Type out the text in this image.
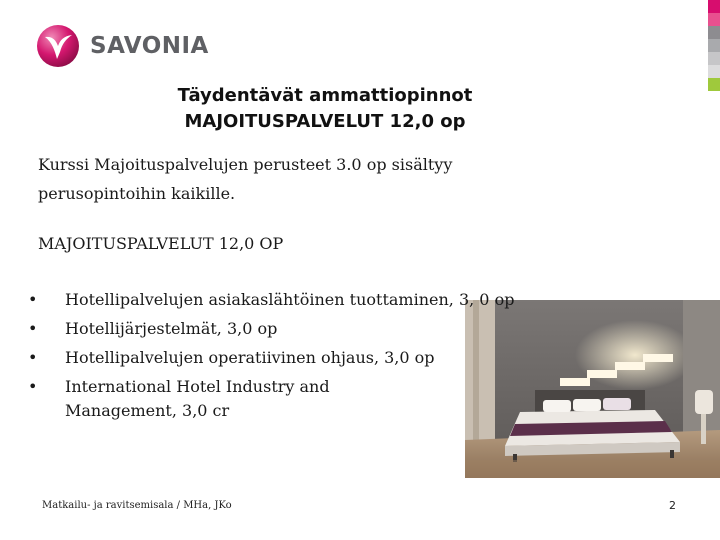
SAVONIA
Täydentävät ammattiopinnot
MAJOITUSPALVELUT 12,0 op
Kurssi Majoituspalvelujen perusteet 3.0 op sisältyy
perusopintoihin kaikille.
MAJOITUSPALVELUT 12,0 OP
• Hotellipalvelujen asiakaslähtöinen tuottaminen, 3, 0 op
• Hotellijärjestelmät, 3,0 op
• Hotellipalvelujen operatiivinen ohjaus, 3,0 op
• International Hotel Industry and Management, 3,0 cr
Matkailu- ja ravitsemisala / MHa, JKo	2
